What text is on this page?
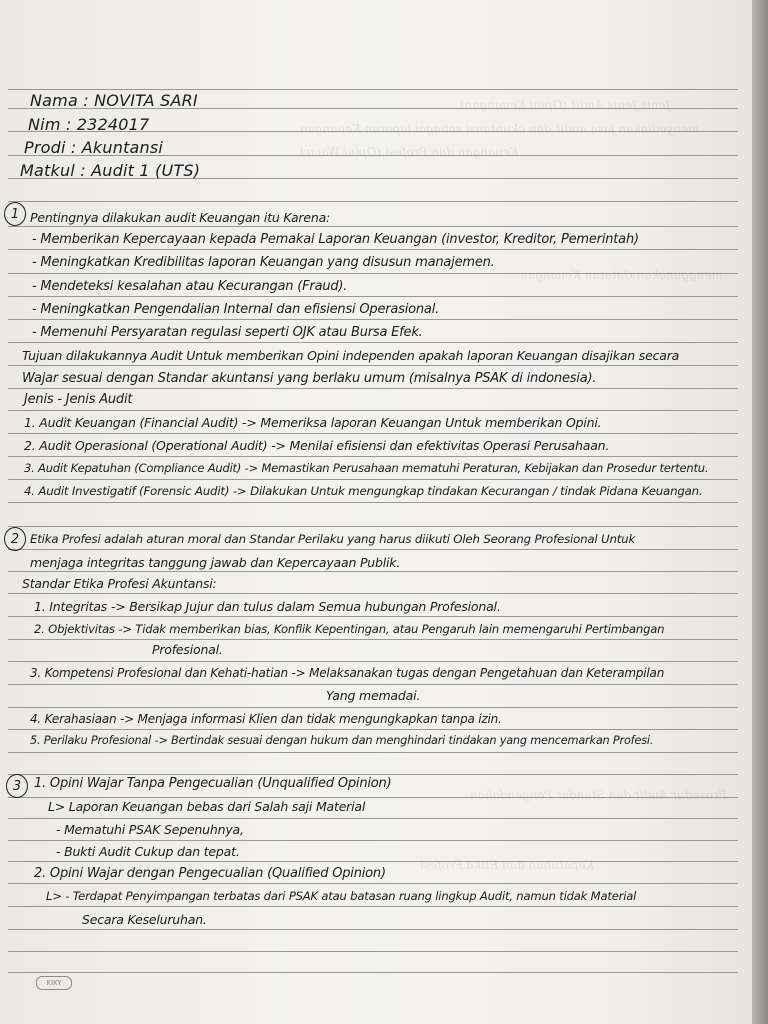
Jenis Jenis Audit (Opini Keuangan)
menyediakan jasa audit dan akuntansi sebagai laporan Keuangan
Keuangan dan Profesi (Opini Wajar)
menggunakan Catatan Keuangan
Prosedur Audit dan Standar Pengendalian
Kepatuhan dan Etika Profesi
Nama : NOVITA SARI
Nim : 2324017
Prodi : Akuntansi
Matkul : Audit 1 (UTS)
1 Pentingnya dilakukan audit Keuangan itu Karena:
- Memberikan Kepercayaan kepada Pemakai Laporan Keuangan (investor, Kreditor, Pemerintah)
- Meningkatkan Kredibilitas laporan Keuangan yang disusun manajemen.
- Mendeteksi kesalahan atau Kecurangan (Fraud).
- Meningkatkan Pengendalian Internal dan efisiensi Operasional.
- Memenuhi Persyaratan regulasi seperti OJK atau Bursa Efek.
Tujuan dilakukannya Audit Untuk memberikan Opini independen apakah laporan Keuangan disajikan secara
Wajar sesuai dengan Standar akuntansi yang berlaku umum (misalnya PSAK di indonesia).
Jenis - Jenis Audit
1. Audit Keuangan (Financial Audit) -> Memeriksa laporan Keuangan Untuk memberikan Opini.
2. Audit Operasional (Operational Audit) -> Menilai efisiensi dan efektivitas Operasi Perusahaan.
3. Audit Kepatuhan (Compliance Audit) -> Memastikan Perusahaan mematuhi Peraturan, Kebijakan dan Prosedur tertentu.
4. Audit Investigatif (Forensic Audit) -> Dilakukan Untuk mengungkap tindakan Kecurangan / tindak Pidana Keuangan.
2 Etika Profesi adalah aturan moral dan Standar Perilaku yang harus diikuti Oleh Seorang Profesional Untuk
menjaga integritas tanggung jawab dan Kepercayaan Publik.
Standar Etika Profesi Akuntansi:
1. Integritas -> Bersikap Jujur dan tulus dalam Semua hubungan Profesional.
2. Objektivitas -> Tidak memberikan bias, Konflik Kepentingan, atau Pengaruh lain memengaruhi Pertimbangan
Profesional.
3. Kompetensi Profesional dan Kehati-hatian -> Melaksanakan tugas dengan Pengetahuan dan Keterampilan
Yang memadai.
4. Kerahasiaan -> Menjaga informasi Klien dan tidak mengungkapkan tanpa izin.
5. Perilaku Profesional -> Bertindak sesuai dengan hukum dan menghindari tindakan yang mencemarkan Profesi.
3 1. Opini Wajar Tanpa Pengecualian (Unqualified Opinion)
L> Laporan Keuangan bebas dari Salah saji Material
- Mematuhi PSAK Sepenuhnya,
- Bukti Audit Cukup dan tepat.
2. Opini Wajar dengan Pengecualian (Qualified Opinion)
L> - Terdapat Penyimpangan terbatas dari PSAK atau batasan ruang lingkup Audit, namun tidak Material
Secara Keseluruhan.
KIKY
